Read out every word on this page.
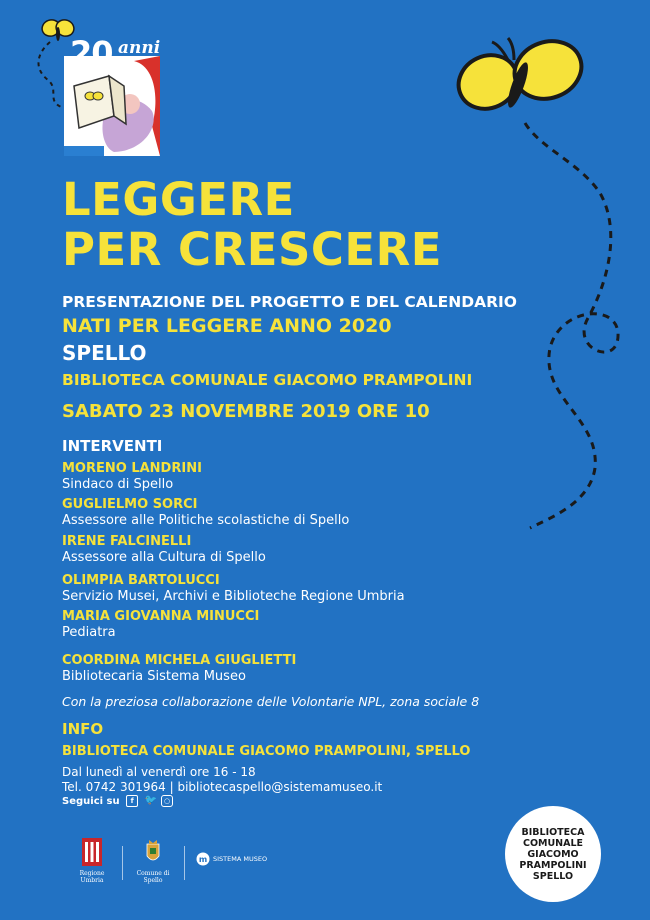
20 anni
LEGGERE
PER CRESCERE
PRESENTAZIONE DEL PROGETTO E DEL CALENDARIO
NATI PER LEGGERE ANNO 2020
SPELLO
BIBLIOTECA COMUNALE GIACOMO PRAMPOLINI
SABATO 23 NOVEMBRE 2019 ORE 10
INTERVENTI
MORENO LANDRINI
Sindaco di Spello
GUGLIELMO SORCI
Assessore alle Politiche scolastiche di Spello
IRENE FALCINELLI
Assessore alla Cultura di Spello
OLIMPIA BARTOLUCCI
Servizio Musei, Archivi e Biblioteche Regione Umbria
MARIA GIOVANNA MINUCCI
Pediatra
COORDINA MICHELA GIUGLIETTI
Bibliotecaria Sistema Museo
Con la preziosa collaborazione delle Volontarie NPL, zona sociale 8
INFO
BIBLIOTECA COMUNALE GIACOMO PRAMPOLINI, SPELLO
Dal lunedì al venerdì ore 16 - 18
Tel. 0742 301964 | bibliotecaspello@sistemamuseo.it
Seguici su f 🐦 ○
BIBLIOTECA
COMUNALE
GIACOMO
PRAMPOLINI
SPELLO
Regione Umbria
Comune di Spello
m SISTEMA MUSEO
